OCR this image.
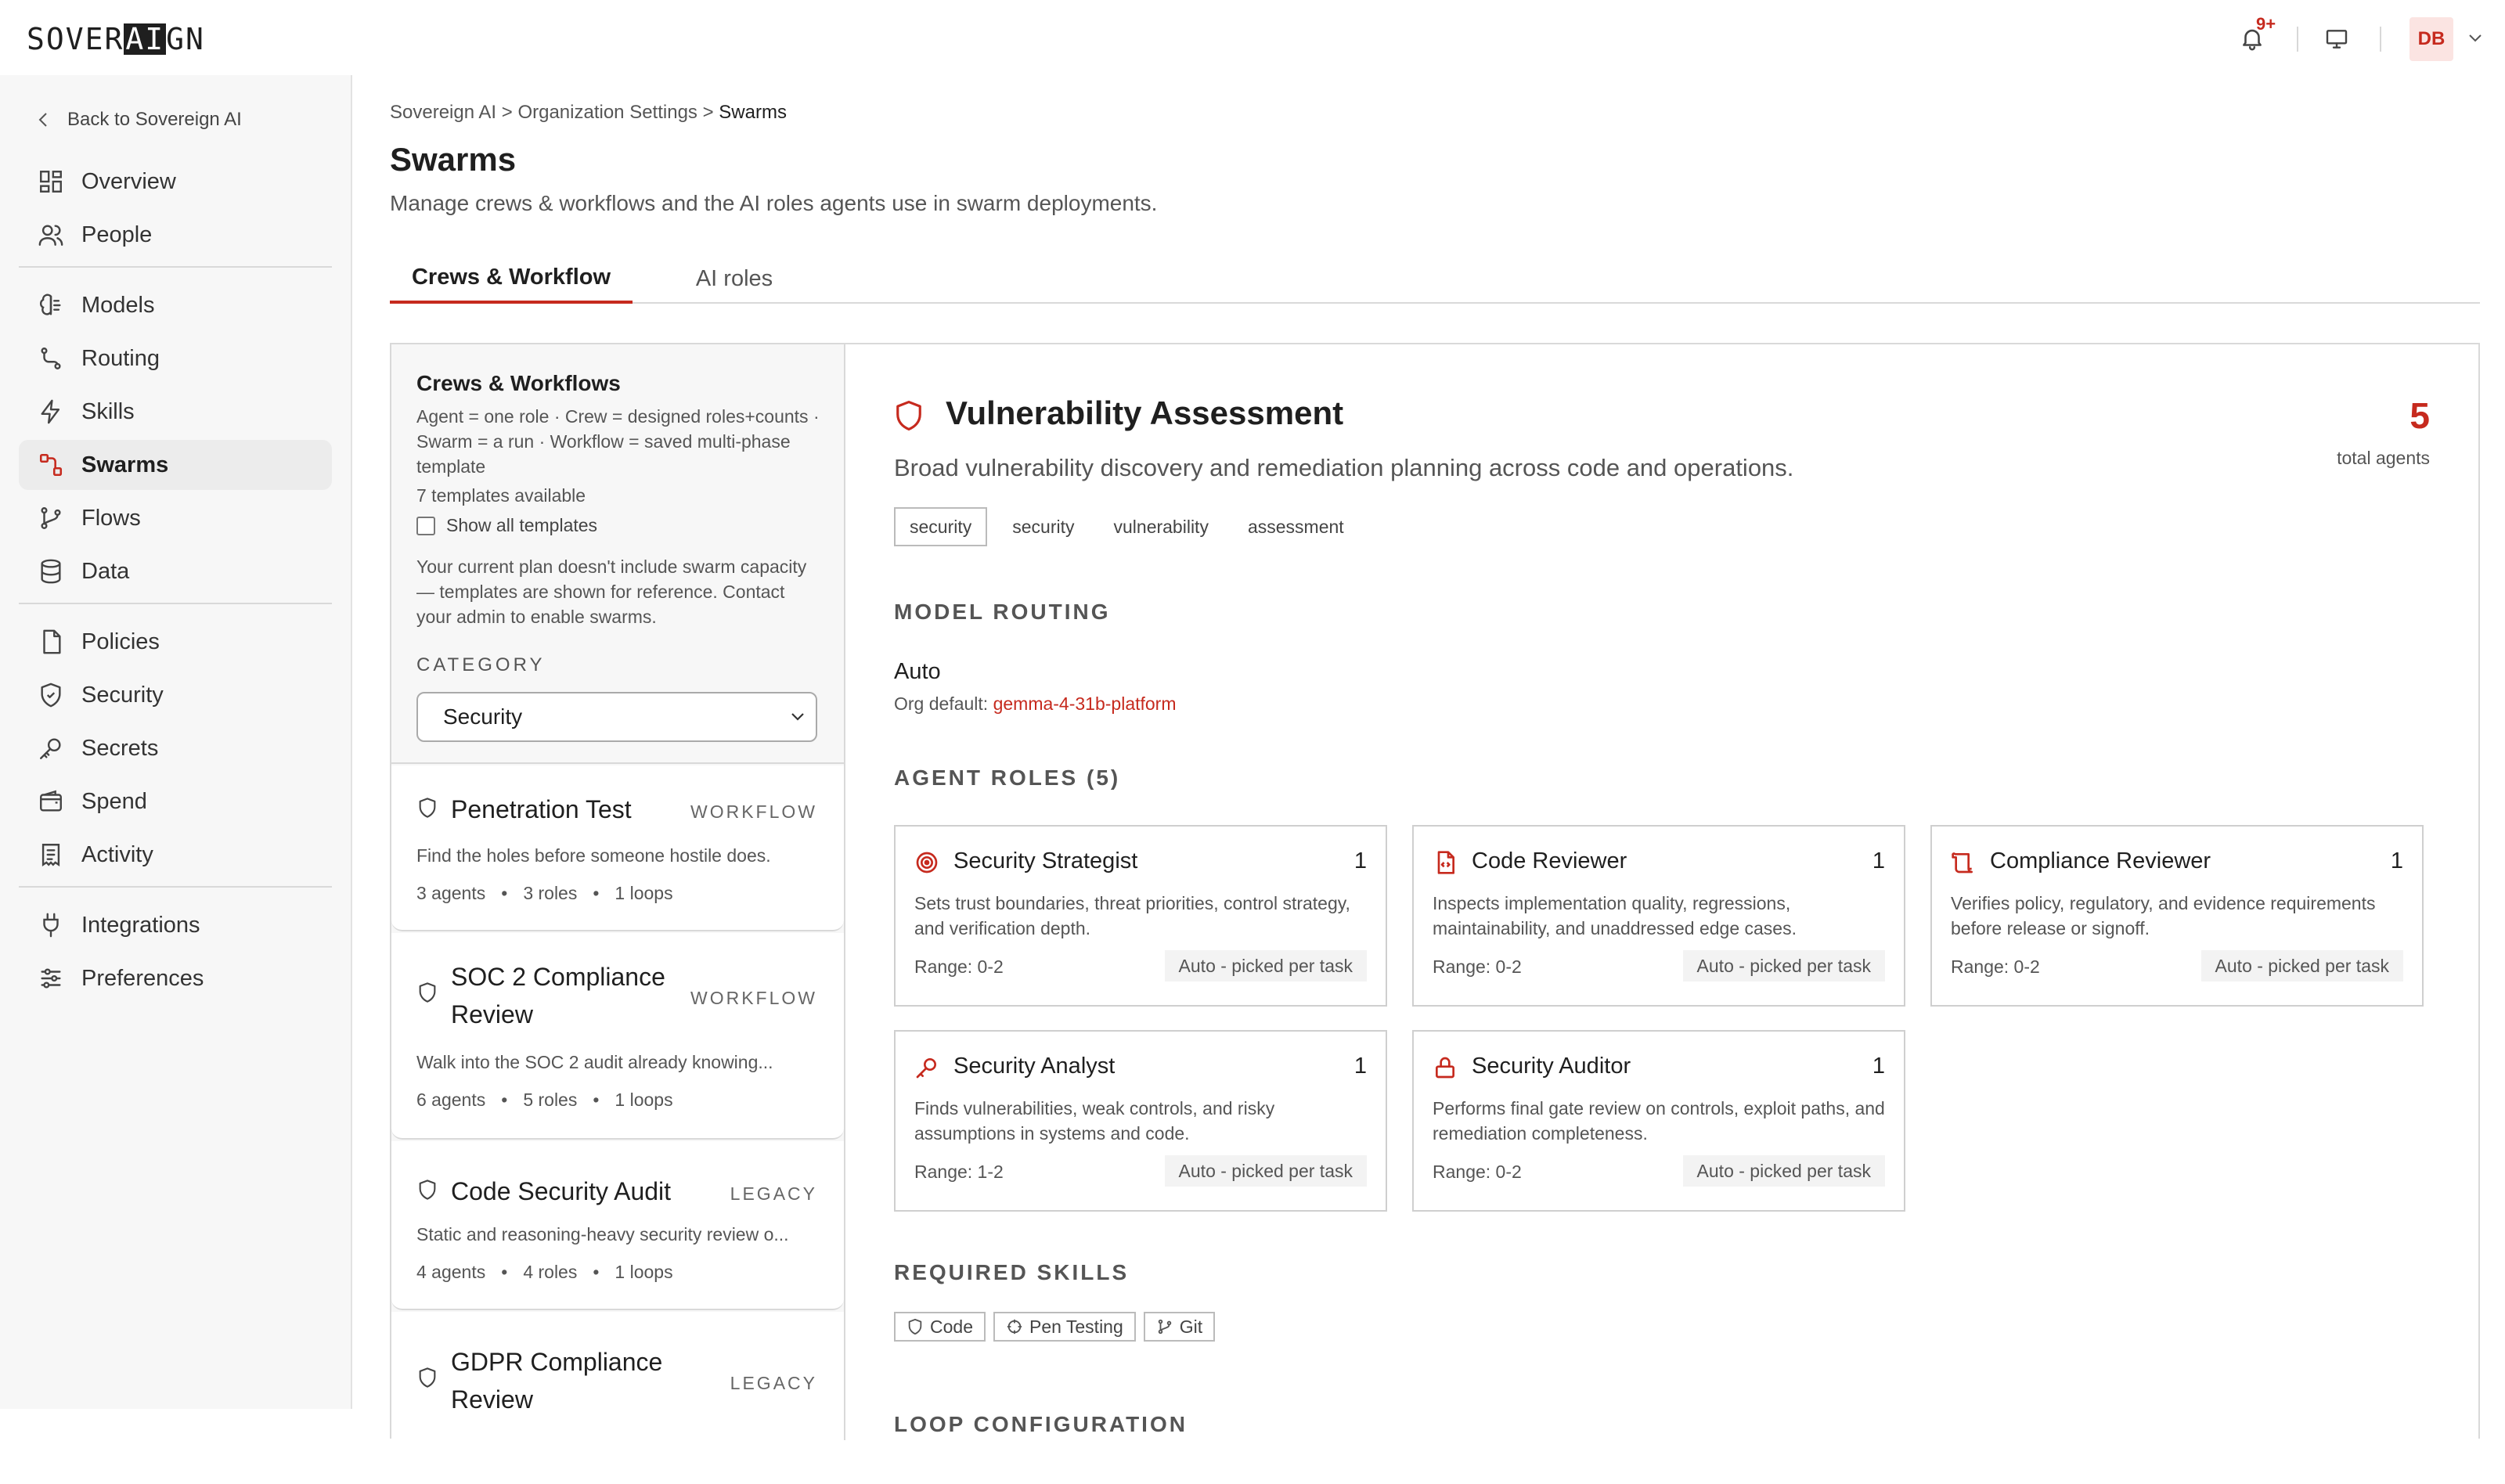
SOVER AI GN	9+
DB
Back to Sovereign AI
Overview
People
Models
Routing
Skills
Swarms
Flows
Data
Policies
Security
Secrets
Spend
Activity
Integrations
Preferences
Sovereign AI > Organization Settings > Swarms
Swarms

Manage crews & workflows and the AI roles agents use in swarm deployments.

Crews & Workflow	AI roles
Crews & Workflows

Agent = one role · Crew = designed roles+counts · Swarm = a run · Workflow = saved multi-phase template

7 templates available

Show all templates

Your current plan doesn't include swarm capacity — templates are shown for reference. Contact your admin to enable swarms.

CATEGORY
Security
Penetration Test	WORKFLOW

Find the holes before someone hostile does.

3 agents • 3 roles • 1 loops
SOC 2 Compliance Review
WORKFLOW

Walk into the SOC 2 audit already knowing...

6 agents • 5 roles • 1 loops
Code Security Audit	LEGACY

Static and reasoning-heavy security review o...

4 agents • 4 roles • 1 loops
GDPR Compliance Review
LEGACY
Vulnerability Assessment

Broad vulnerability discovery and remediation planning across code and operations.

5
total agents
security	security	vulnerability	assessment
MODEL ROUTING
Auto
Org default: gemma-4-31b-platform
AGENT ROLES (5)
Security Strategist	1

Sets trust boundaries, threat priorities, control strategy, and verification depth.

Range: 0-2	Auto - picked per task
Code Reviewer	1

Inspects implementation quality, regressions, maintainability, and unaddressed edge cases.

Range: 0-2	Auto - picked per task
Compliance Reviewer	1

Verifies policy, regulatory, and evidence requirements before release or signoff.

Range: 0-2	Auto - picked per task
Security Analyst	1

Finds vulnerabilities, weak controls, and risky assumptions in systems and code.

Range: 1-2	Auto - picked per task
Security Auditor	1

Performs final gate review on controls, exploit paths, and remediation completeness.

Range: 0-2	Auto - picked per task
REQUIRED SKILLS
Code	Pen Testing	Git
LOOP CONFIGURATION
